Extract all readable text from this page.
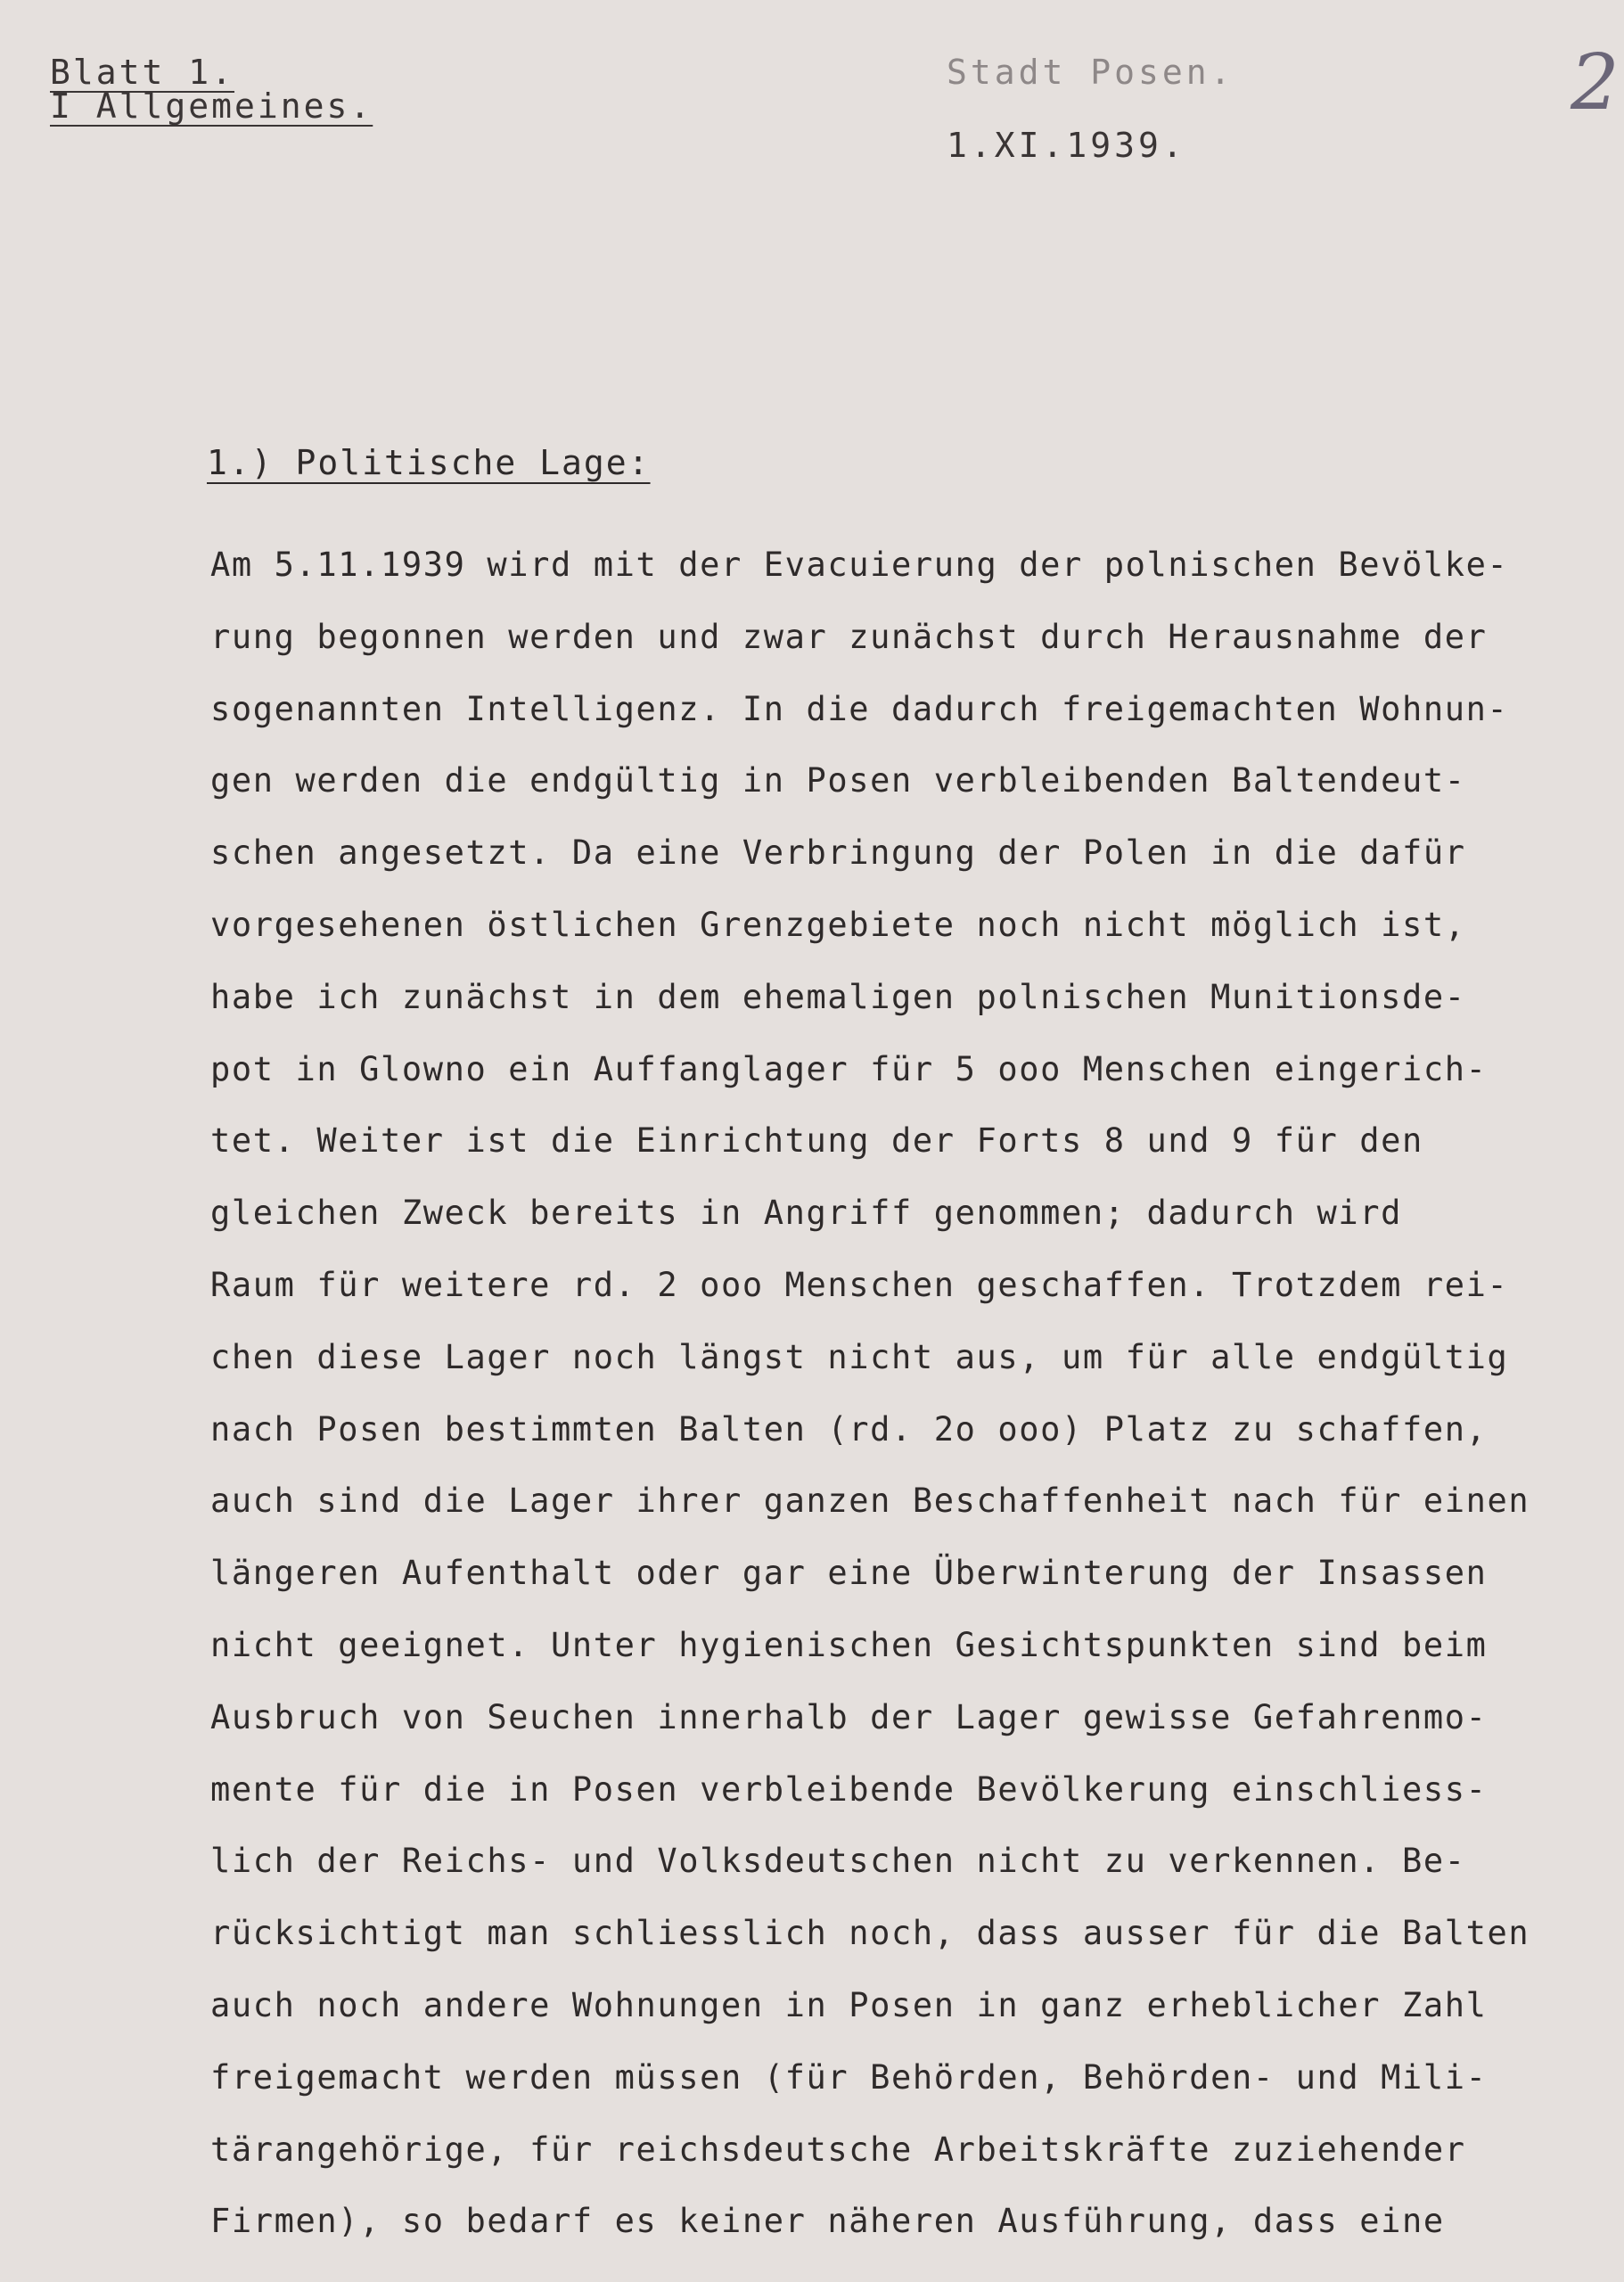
Blatt 1.
I Allgemeines.
Stadt Posen.
1.XI.1939.
2
1.) Politische Lage:
Am 5.11.1939 wird mit der Evacuierung der polnischen Bevölke-
rung begonnen werden und zwar zunächst durch Herausnahme der
sogenannten Intelligenz. In die dadurch freigemachten Wohnun-
gen werden die endgültig in Posen verbleibenden Baltendeut-
schen angesetzt. Da eine Verbringung der Polen in die dafür
vorgesehenen östlichen Grenzgebiete noch nicht möglich ist,
habe ich zunächst in dem ehemaligen polnischen Munitionsde-
pot in Glowno ein Auffanglager für 5 ooo Menschen eingerich-
tet. Weiter ist die Einrichtung der Forts 8 und 9 für den
gleichen Zweck bereits in Angriff genommen; dadurch wird
Raum für weitere rd. 2 ooo Menschen geschaffen. Trotzdem rei-
chen diese Lager noch längst nicht aus, um für alle endgültig
nach Posen bestimmten Balten (rd. 2o ooo) Platz zu schaffen,
auch sind die Lager ihrer ganzen Beschaffenheit nach für einen
längeren Aufenthalt oder gar eine Überwinterung der Insassen
nicht geeignet. Unter hygienischen Gesichtspunkten sind beim
Ausbruch von Seuchen innerhalb der Lager gewisse Gefahrenmo-
mente für die in Posen verbleibende Bevölkerung einschliess-
lich der Reichs- und Volksdeutschen nicht zu verkennen. Be-
rücksichtigt man schliesslich noch, dass ausser für die Balten
auch noch andere Wohnungen in Posen in ganz erheblicher Zahl
freigemacht werden müssen (für Behörden, Behörden- und Mili-
tärangehörige, für reichsdeutsche Arbeitskräfte zuziehender
Firmen), so bedarf es keiner näheren Ausführung, dass eine
